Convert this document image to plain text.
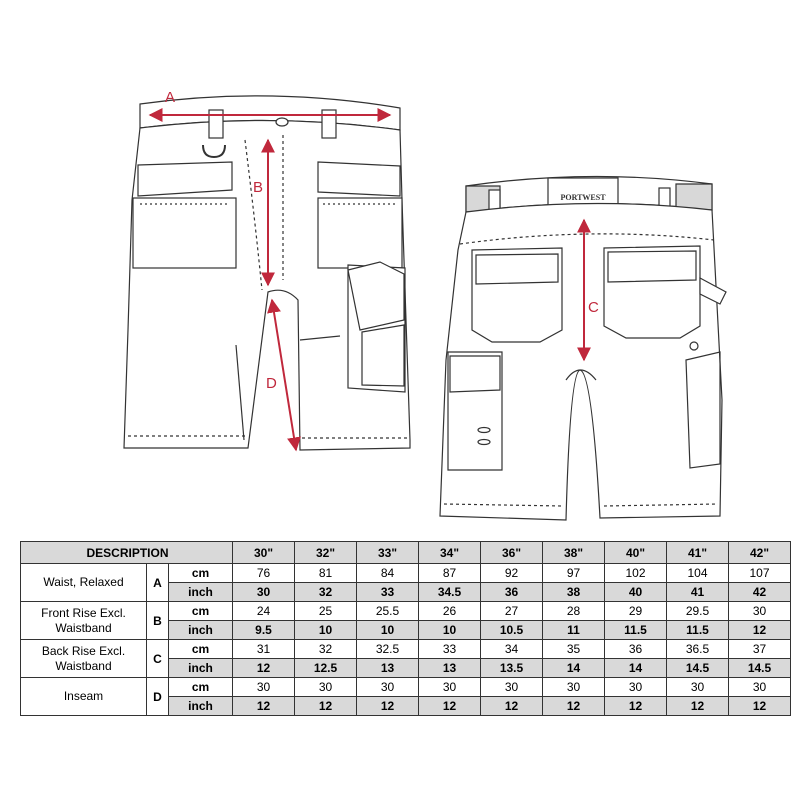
PORTWEST
A
B
C
D
DESCRIPTION			30"	32"	33"	34"	36"	38"	40"	41"	42"

Waist, Relaxed	A	cm	76	81	84	87	92	97	102	104	107
		inch	30	32	33	34.5	36	38	40	41	42

Front Rise Excl.
Waistband	B	cm	24	25	25.5	26	27	28	29	29.5	30
		inch	9.5	10	10	10	10.5	11	11.5	11.5	12

Back Rise Excl.
Waistband	C	cm	31	32	32.5	33	34	35	36	36.5	37
		inch	12	12.5	13	13	13.5	14	14	14.5	14.5

Inseam	D	cm	30	30	30	30	30	30	30	30	30
		inch	12	12	12	12	12	12	12	12	12
